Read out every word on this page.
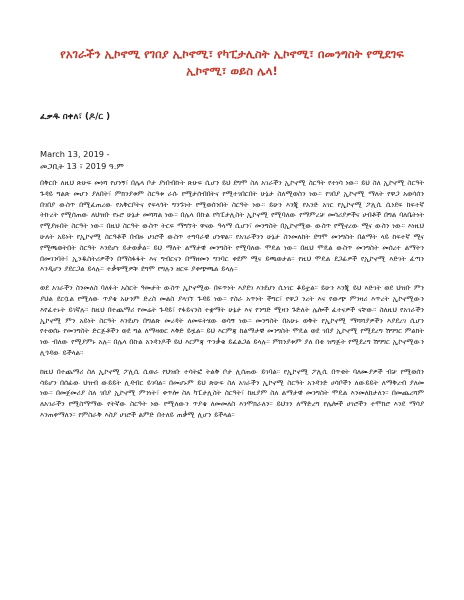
የአገራችን ኢኮኖሚ የገበያ ኢኮኖሚ፣ የካፒታሊስት ኢኮኖሚ፣ በመንግስት የሚደገፍ ኢኮኖሚ፣ ወይስ ሌላ!
ፈቃዱ በቀለ፣ (ዶ/ር )
March 13, 2019 -
መጋቢት 13 ፣ 2019 ዓ.ም

በቅርቡ ለዚህ ጽሁፍ መነሻ የሆነኝ፣ በሌላ ቦታ ያነበብኩት ጽሁፍ ሲሆን ይህ ደግሞ ስለ አገራችን ኢኮኖሚ ስርዓት የተነሳ ነው። ይህ ስለ ኢኮኖሚ ስርዓት ጉዳይ ግልጽ መሆን ያለበት፣ ምክንያቱም ስርዓቱ ራሱ የሚታሰብበትና የሚተገበርበት ሁኔታ ስለሚወስን ነው። የገበያ ኢኮኖሚ ማለት የዋጋ አወሳሰን በገበያ ውስጥ በሚፈጠረው የአቅርቦትና የፍላጎት ግንኙነት የሚወሰንበት ስርዓት ነው። ይሁን እንጂ የአንድ አገር የኢኮኖሚ ፖሊሲ ሲነደፍ ከፍተኛ ትኩረት የሚሰጠው ለህዝቡ የኑሮ ሁኔታ መሻሻል ነው። በሌላ በኩል የካፒታሊስት ኢኮኖሚ የሚባለው የማምረቻ መሳሪያዎችና ሀብቶች በግል ባለቤትነት የሚያዙበት ስርዓት ነው። በዚህ ስርዓት ውስጥ ትርፍ ማግኘት ዋናው ዓላማ ሲሆን፣ መንግስት በኢኮኖሚው ውስጥ የሚኖረው ሚና ውስን ነው። እነዚህ ሁለት አይነት የኢኮኖሚ ስርዓቶች በብዙ ሀገሮች ውስጥ ተግባራዊ ሆነዋል። የአገራችንን ሁኔታ ስንመለከት ደግሞ መንግስት በልማት ላይ ከፍተኛ ሚና የሚጫወትበት ስርዓት እንደሆነ ይታወቃል። ይህ ማለት ልማታዊ መንግስት የሚባለው ሞዴል ነው። በዚህ ሞዴል ውስጥ መንግስት መሰረተ ልማትን በመገንባት፣ ኢንዱስትሪዎችን በማስፋፋት እና ግብርናን በማዘመን ግንባር ቀደም ሚና ይጫወታል። የዚህ ሞዴል ደጋፊዎች የኢኮኖሚ እድገት ፈጣን እንዲሆን ያደርጋል ይላሉ። ተቃዋሚዎቹ ደግሞ የግሉን ዘርፍ ያቀጭጫል ይላሉ።

ወደ አገራችን ስንመለስ ባለፉት አስርት ዓመታት ውስጥ ኢኮኖሚው በፍጥነት እያደገ እንደሆነ ሲነገር ቆይቷል። ይሁን እንጂ ይህ እድገት ወደ ህዝቡ ምን ያህል ደርሷል የሚለው ጥያቄ አሁንም ድረስ መልስ ያላገኘ ጉዳይ ነው። የስራ አጥነት ችግር፣ የዋጋ ንረት እና የውጭ ምንዛሪ እጥረት ኢኮኖሚውን እየፈተኑት ይገኛሉ። ከዚህ በተጨማሪ የመሬት ጉዳይ፣ የፋይናንስ ተቋማት ሁኔታ እና የንግድ ሚዛን ጉድለት ሌሎች ፈተናዎች ናቸው። ስለዚህ የአገራችን ኢኮኖሚ ምን አይነት ስርዓት እንደሆነ በግልጽ መረዳት ለመፍትሄው ወሳኝ ነው። መንግስት በአሁኑ ወቅት የኢኮኖሚ ማሻሻያዎችን እያደረገ ሲሆን የተወሰኑ የመንግስት ድርጅቶችን ወደ ግል ለማዛወር እቅድ ይዟል። ይህ እርምጃ ከልማታዊ መንግስት ሞዴል ወደ ገበያ ኢኮኖሚ የሚደረግ ሽግግር ምልክት ነው ብለው የሚያምኑ አሉ። በሌላ በኩል አንዳንዶች ይህ እርምጃ ጥንቃቄ ይፈልጋል ይላሉ። ምክንያቱም ያለ በቂ ዝግጅት የሚደረግ ሽግግር ኢኮኖሚውን ሊጎዳው ይችላል።

ከዚህ በተጨማሪ ስለ ኢኮኖሚ ፖሊሲ ሲወራ የህዝቡ ተሳትፎ ትልቅ ቦታ ሊሰጠው ይገባል። የኢኮኖሚ ፖሊሲ በጥቂት ባለሙያዎች ብቻ የሚወሰን ሳይሆን በሰፊው ህዝብ ውይይት ሊዳብር ይገባል። በመሆኑም ይህ ጽሁፍ ስለ አገራችን ኢኮኖሚ ስርዓት አንዳንድ ሀሳቦችን ለውይይት ለማቅረብ ያለመ ነው። በመጀመሪያ ስለ ገበያ ኢኮኖሚ ምንነት፣ ቀጥሎ ስለ ካፒታሊስት ስርዓት፣ ከዚያም ስለ ልማታዊ መንግስት ሞዴል እንመለከታለን። በመጨረሻም ለአገራችን የሚስማማው የትኛው ስርዓት ነው የሚለውን ጥያቄ ለመመለስ እንሞክራለን። ይህንን ለማድረግ የሌሎች ሀገሮችን ተሞክሮ እንደ ማሳያ እንጠቀማለን። የምስራቅ እስያ ሀገሮች ልምድ በተለይ ጠቃሚ ሊሆን ይችላል።
